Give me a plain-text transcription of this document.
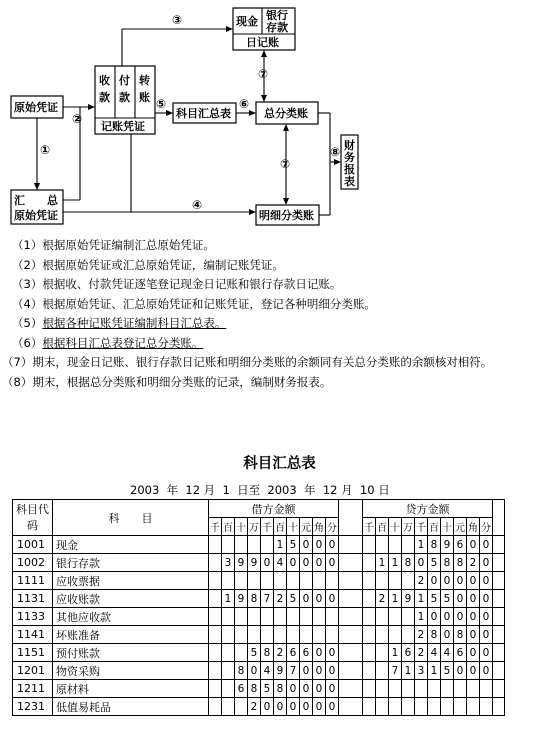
原始凭证
汇　　总
原始凭证
收
款
付
款
转
账
记账凭证
科目汇总表	总分类账
现金 银行
存款
日记账
明细分类账
财
务
报
表
①
②
③
④
⑤	⑥
⑦
⑦
⑧

（1）根据原始凭证编制汇总原始凭证。

（2）根据原始凭证或汇总原始凭证，编制记账凭证。

（3）根据收、付款凭证逐笔登记现金日记账和银行存款日记账。

（4）根据原始凭证、汇总原始凭证和记账凭证，登记各种明细分类账。

（5）根据各种记账凭证编制科目汇总表。

（6）根据科目汇总表登记总分类账。

（7）期末，现金日记账、银行存款日记账和明细分类账的余额同有关总分类账的余额核对相符。

（8）期末，根据总分类账和明细分类账的记录，编制财务报表。

科目汇总表
2003  年  12 月  1  日至  2003  年  12 月  10 日
科目代码	科　　目	借方金额											贷方金额										
		千	百	十	万	千	百	十	元	角	分		千	百	十	万	千	百	十	元	角	分	
1001	现金						1	5	0	0	0						1	8	9	6	0	0	
1002	银行存款		3	9	9	0	4	0	0	0	0			1	1	8	0	5	8	8	2	0	
1111	应收票据																2	0	0	0	0	0	
1131	应收账款		1	9	8	7	2	5	0	0	0			2	1	9	1	5	5	0	0	0	
1133	其他应收款																1	0	0	0	0	0	
1141	坏账准备																2	8	0	8	0	0	
1151	预付账款				5	8	2	6	6	0	0				1	6	2	4	4	6	0	0	
1201	物资采购			8	0	4	9	7	0	0	0				7	1	3	1	5	0	0	0	
1211	原材料			6	8	5	8	0	0	0	0												
1231	低值易耗品				2	0	0	0	0	0	0												
